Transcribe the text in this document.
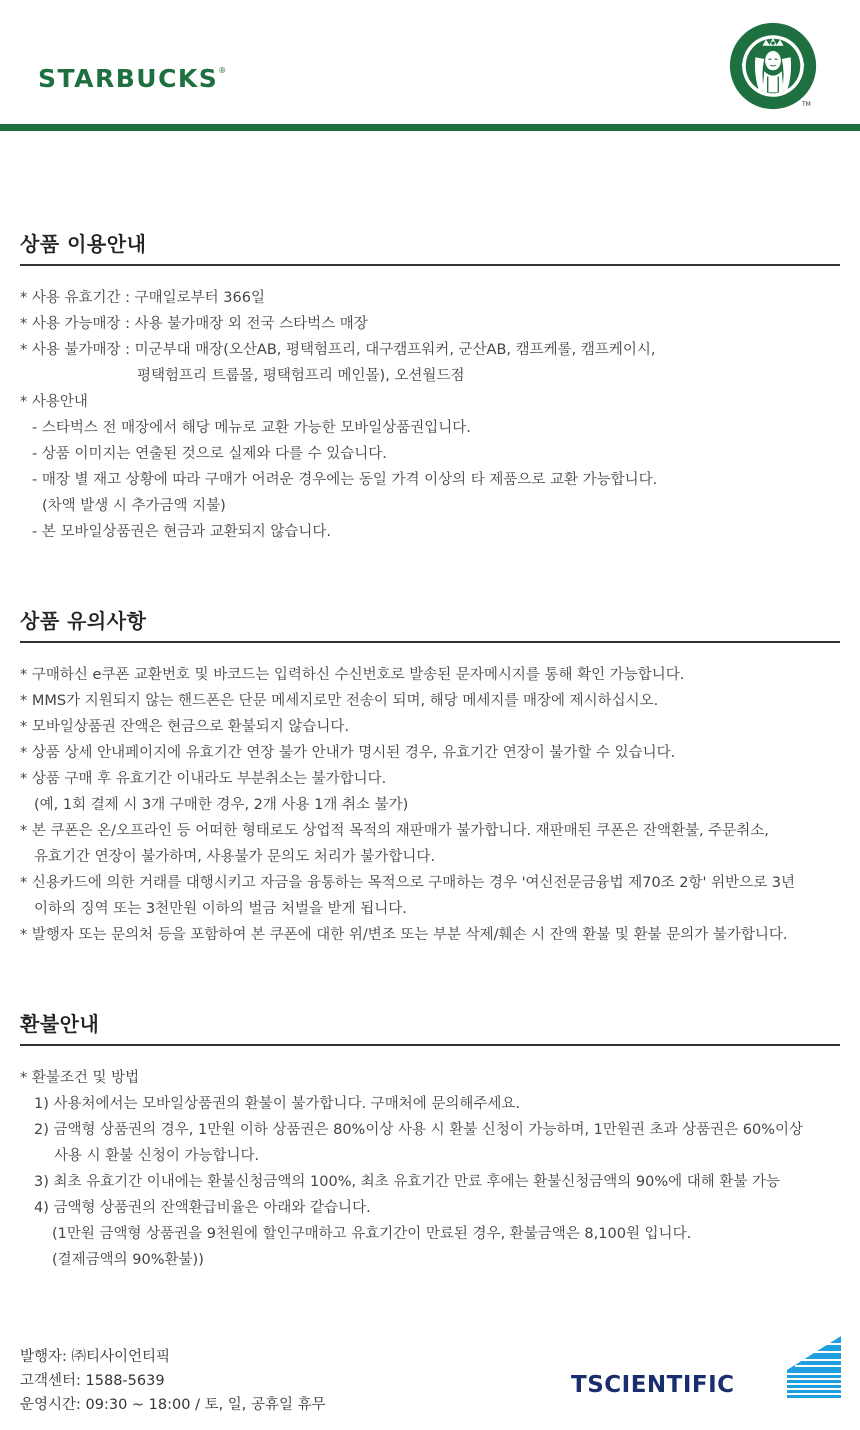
STARBUCKS®
TM
상품 이용안내
* 사용 유효기간 : 구매일로부터 366일
* 사용 가능매장 : 사용 불가매장 외 전국 스타벅스 매장
* 사용 불가매장 : 미군부대 매장(오산AB, 평택험프리, 대구캠프워커, 군산AB, 캠프케롤, 캠프케이시,
평택험프리 트룹몰, 평택험프리 메인몰), 오션월드점
* 사용안내
- 스타벅스 전 매장에서 해당 메뉴로 교환 가능한 모바일상품권입니다.
- 상품 이미지는 연출된 것으로 실제와 다를 수 있습니다.
- 매장 별 재고 상황에 따라 구매가 어려운 경우에는 동일 가격 이상의 타 제품으로 교환 가능합니다.
(차액 발생 시 추가금액 지불)
- 본 모바일상품권은 현금과 교환되지 않습니다.
상품 유의사항
* 구매하신 e쿠폰 교환번호 및 바코드는 입력하신 수신번호로 발송된 문자메시지를 통해 확인 가능합니다.
* MMS가 지원되지 않는 핸드폰은 단문 메세지로만 전송이 되며, 해당 메세지를 매장에 제시하십시오.
* 모바일상품권 잔액은 현금으로 환불되지 않습니다.
* 상품 상세 안내페이지에 유효기간 연장 불가 안내가 명시된 경우, 유효기간 연장이 불가할 수 있습니다.
* 상품 구매 후 유효기간 이내라도 부분취소는 불가합니다.
(예, 1회 결제 시 3개 구매한 경우, 2개 사용 1개 취소 불가)
* 본 쿠폰은 온/오프라인 등 어떠한 형태로도 상업적 목적의 재판매가 불가합니다. 재판매된 쿠폰은 잔액환불, 주문취소,
유효기간 연장이 불가하며, 사용불가 문의도 처리가 불가합니다.
* 신용카드에 의한 거래를 대행시키고 자금을 융통하는 목적으로 구매하는 경우 '여신전문금융법 제70조 2항' 위반으로 3년
이하의 징역 또는 3천만원 이하의 벌금 처벌을 받게 됩니다.
* 발행자 또는 문의처 등을 포함하여 본 쿠폰에 대한 위/변조 또는 부분 삭제/훼손 시 잔액 환불 및 환불 문의가 불가합니다.
환불안내
* 환불조건 및 방법
1) 사용처에서는 모바일상품권의 환불이 불가합니다. 구매처에 문의해주세요.
2) 금액형 상품권의 경우, 1만원 이하 상품권은 80%이상 사용 시 환불 신청이 가능하며, 1만원권 초과 상품권은 60%이상
사용 시 환불 신청이 가능합니다.
3) 최초 유효기간 이내에는 환불신청금액의 100%, 최초 유효기간 만료 후에는 환불신청금액의 90%에 대해 환불 가능
4) 금액형 상품권의 잔액환급비율은 아래와 같습니다.
(1만원 금액형 상품권을 9천원에 할인구매하고 유효기간이 만료된 경우, 환불금액은 8,100원 입니다.
(결제금액의 90%환불))
발행자: ㈜티사이언티픽
고객센터: 1588-5639
운영시간: 09:30 ~ 18:00 / 토, 일, 공휴일 휴무
TSCIENTIFIC
